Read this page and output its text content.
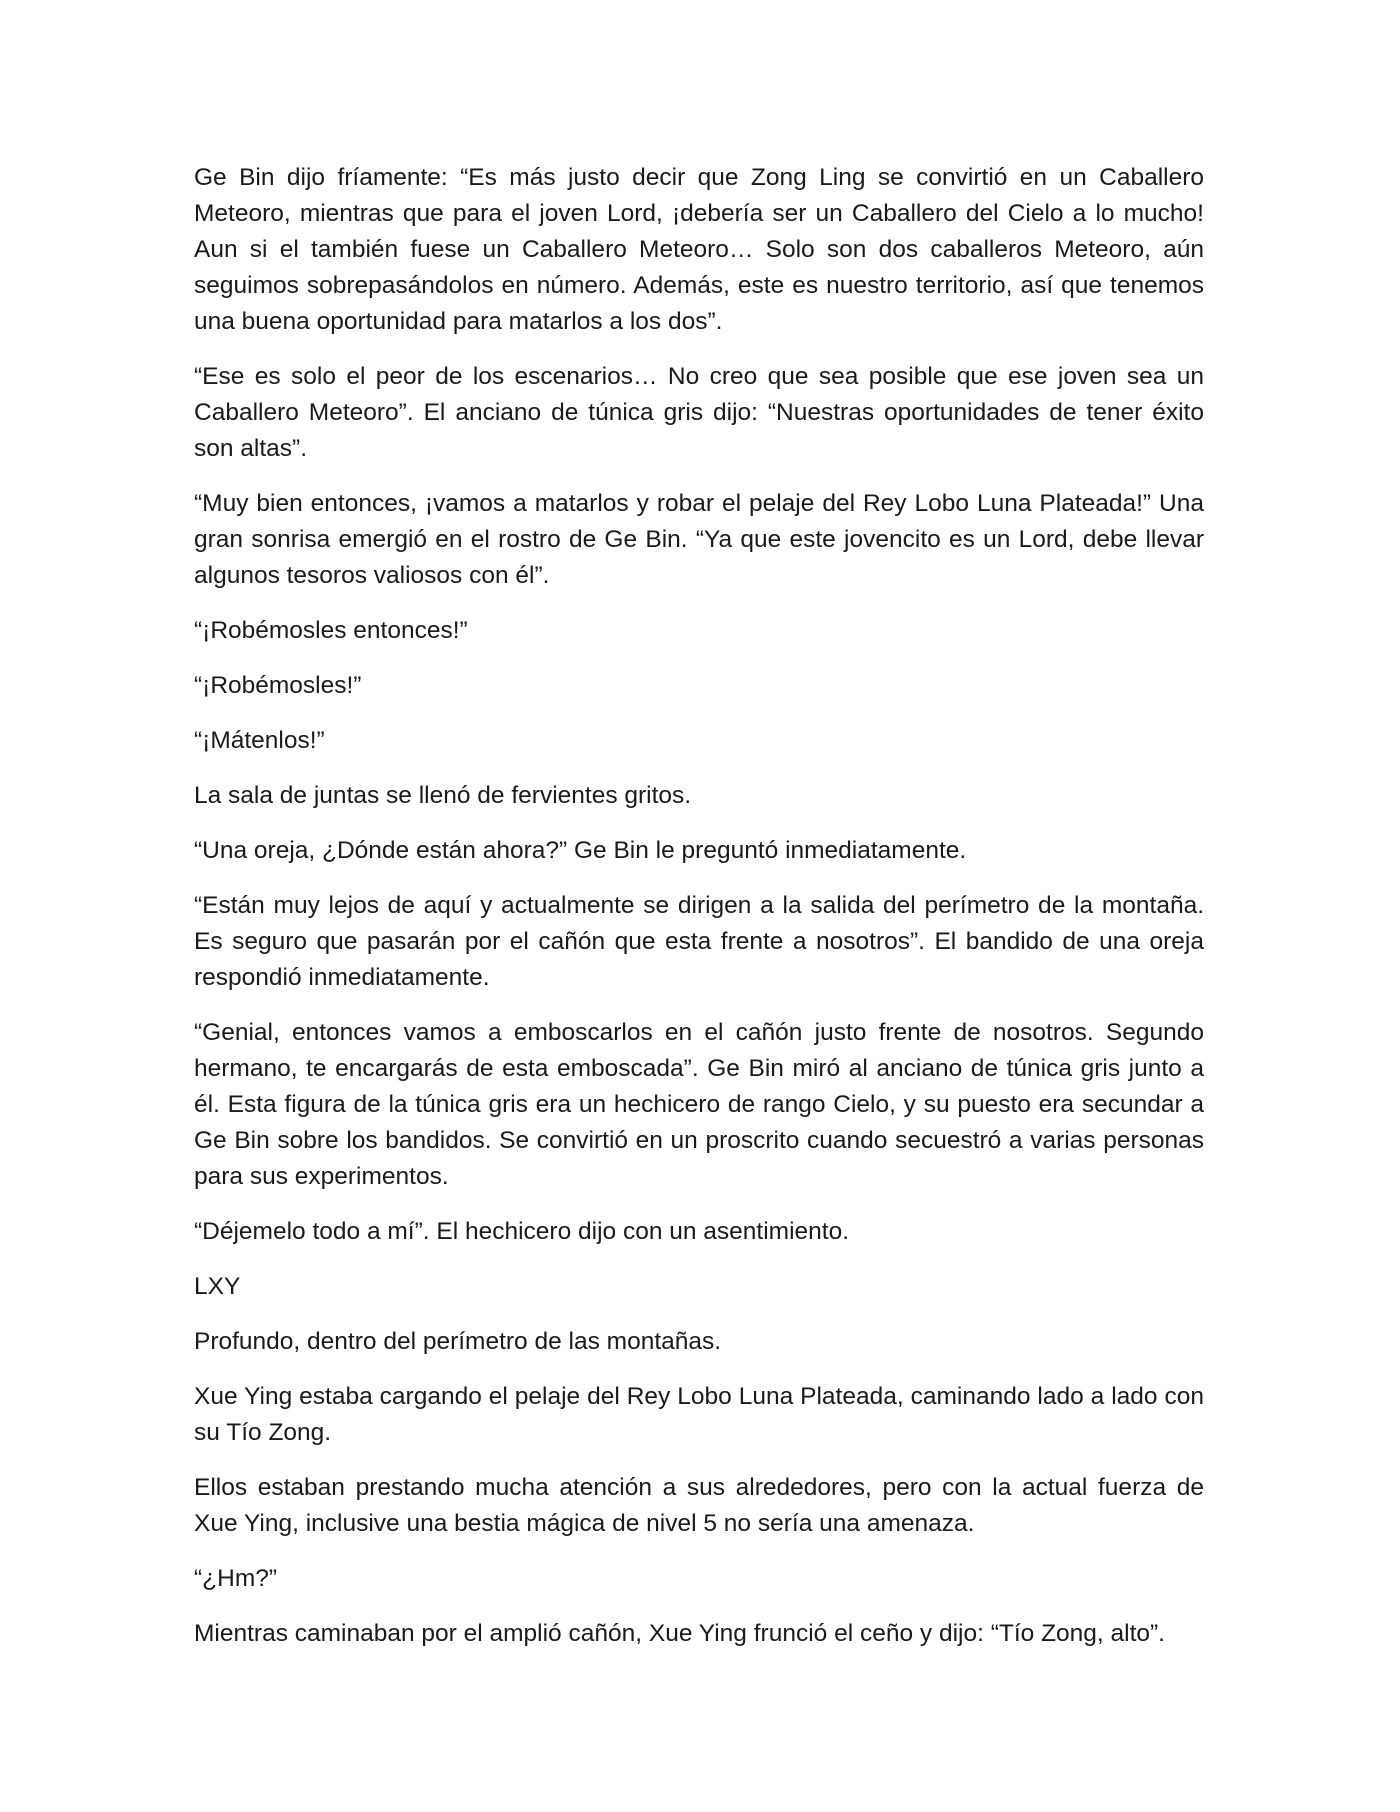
Ge Bin dijo fríamente: “Es más justo decir que Zong Ling se convirtió en un Caballero Meteoro, mientras que para el joven Lord, ¡debería ser un Caballero del Cielo a lo mucho! Aun si el también fuese un Caballero Meteoro… Solo son dos caballeros Meteoro, aún seguimos sobrepasándolos en número. Además, este es nuestro territorio, así que tenemos una buena oportunidad para matarlos a los dos”.

“Ese es solo el peor de los escenarios… No creo que sea posible que ese joven sea un Caballero Meteoro”. El anciano de túnica gris dijo: “Nuestras oportunidades de tener éxito son altas”.

“Muy bien entonces, ¡vamos a matarlos y robar el pelaje del Rey Lobo Luna Plateada!” Una gran sonrisa emergió en el rostro de Ge Bin. “Ya que este jovencito es un Lord, debe llevar algunos tesoros valiosos con él”.

“¡Robémosles entonces!”

“¡Robémosles!”

“¡Mátenlos!”

La sala de juntas se llenó de fervientes gritos.

“Una oreja, ¿Dónde están ahora?” Ge Bin le preguntó inmediatamente.

“Están muy lejos de aquí y actualmente se dirigen a la salida del perímetro de la montaña. Es seguro que pasarán por el cañón que esta frente a nosotros”. El bandido de una oreja respondió inmediatamente.

“Genial, entonces vamos a emboscarlos en el cañón justo frente de nosotros. Segundo hermano, te encargarás de esta emboscada”. Ge Bin miró al anciano de túnica gris junto a él. Esta figura de la túnica gris era un hechicero de rango Cielo, y su puesto era secundar a Ge Bin sobre los bandidos. Se convirtió en un proscrito cuando secuestró a varias personas para sus experimentos.

“Déjemelo todo a mí”. El hechicero dijo con un asentimiento.

LXY

Profundo, dentro del perímetro de las montañas.

Xue Ying estaba cargando el pelaje del Rey Lobo Luna Plateada, caminando lado a lado con su Tío Zong.

Ellos estaban prestando mucha atención a sus alrededores, pero con la actual fuerza de Xue Ying, inclusive una bestia mágica de nivel 5 no sería una amenaza.

“¿Hm?”

Mientras caminaban por el amplió cañón, Xue Ying frunció el ceño y dijo: “Tío Zong, alto”.
